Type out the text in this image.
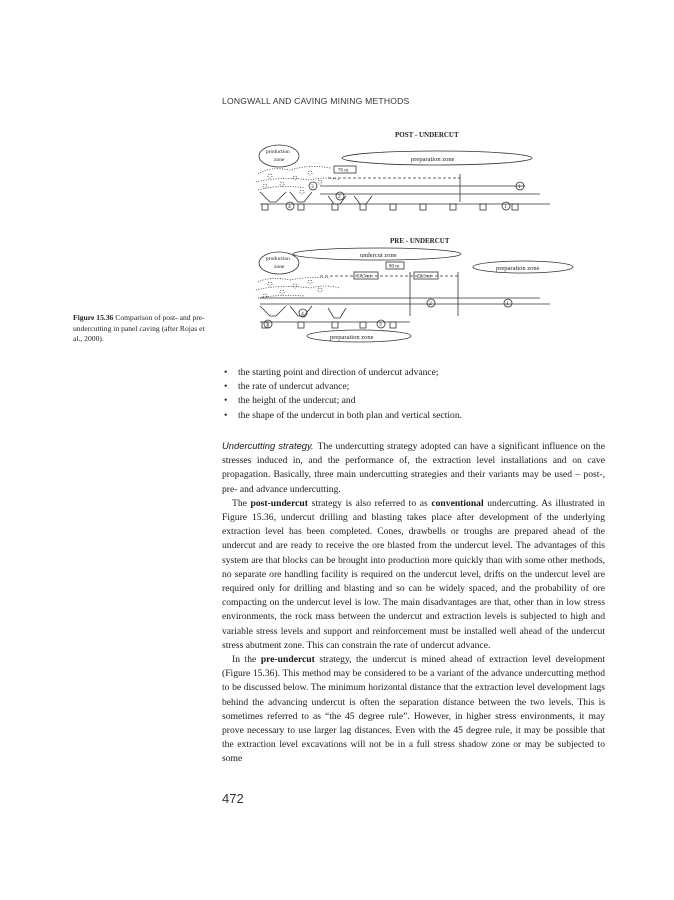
LONGWALL AND CAVING MINING METHODS
POST - UNDERCUT
production
zone	preparation zone
70 m
3	1
2
4	1
PRE - UNDERCUT
production
zone
undercut zone
preparation zone
80 m
57.5 m	22.5 m
2	1
4
5	3
preparation zone
Figure 15.36 Comparison of post- and pre-undercutting in panel caving (after Rojas et al., 2000).
• the starting point and direction of undercut advance;
• the rate of undercut advance;
• the height of the undercut; and
• the shape of the undercut in both plan and vertical section.

Undercutting strategy. The undercutting strategy adopted can have a significant influence on the stresses induced in, and the performance of, the extraction level installations and on cave propagation. Basically, three main undercutting strategies and their variants may be used – post-, pre- and advance undercutting.

The post-undercut strategy is also referred to as conventional undercutting. As illustrated in Figure 15.36, undercut drilling and blasting takes place after development of the underlying extraction level has been completed. Cones, drawbells or troughs are prepared ahead of the undercut and are ready to receive the ore blasted from the undercut level. The advantages of this system are that blocks can be brought into production more quickly than with some other methods, no separate ore handling facility is required on the undercut level, drifts on the undercut level are required only for drilling and blasting and so can be widely spaced, and the probability of ore compacting on the undercut level is low. The main disadvantages are that, other than in low stress environments, the rock mass between the undercut and extraction levels is subjected to high and variable stress levels and support and reinforcement must be installed well ahead of the undercut stress abutment zone. This can constrain the rate of undercut advance.

In the pre-undercut strategy, the undercut is mined ahead of extraction level development (Figure 15.36). This method may be considered to be a variant of the advance undercutting method to be discussed below. The minimum horizontal distance that the extraction level development lags behind the advancing undercut is often the separation distance between the two levels. This is sometimes referred to as “the 45 degree rule”. However, in higher stress environments, it may prove necessary to use larger lag distances. Even with the 45 degree rule, it may be possible that the extraction level excavations will not be in a full stress shadow zone or may be subjected to some

472
